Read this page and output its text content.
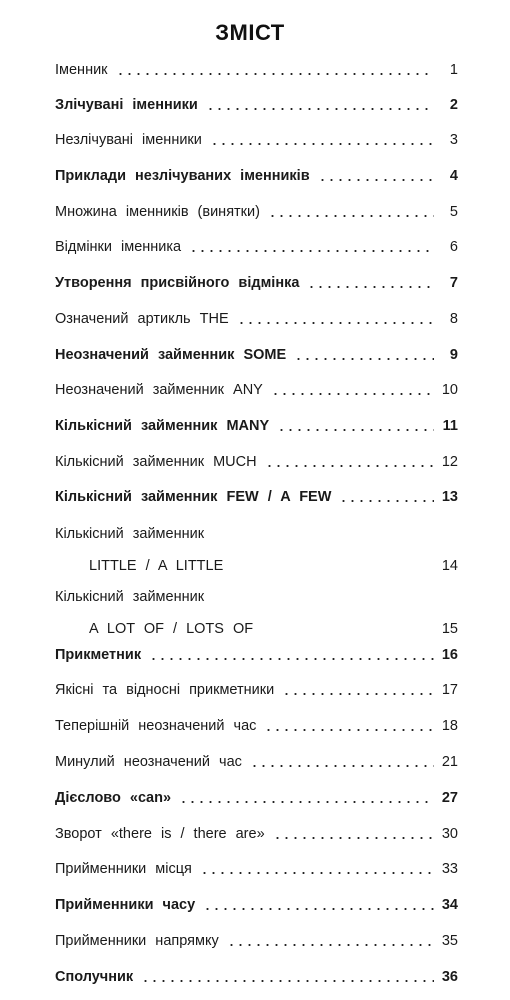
ЗМІСТ
Іменник	1
Злічувані іменники	2
Незлічувані іменники	3
Приклади незлічуваних іменників	4
Множина іменників (винятки)	5
Відмінки іменника	6
Утворення присвійного відмінка	7
Означений артикль THE	8
Неозначений займенник SOME	9
Неозначений займенник ANY	10
Кількісний займенник MANY	11
Кількісний займенник MUCH	12
Кількісний займенник FEW / A FEW	13
Кількісний займенник
LITTLE / A LITTLE	14
Кількісний займенник
A LOT OF / LOTS OF	15
Прикметник	16
Якісні та відносні прикметники	17
Теперішній неозначений час	18
Минулий неозначений час	21
Дієслово «can»	27
Зворот «there is / there are»	30
Прийменники місця	33
Прийменники часу	34
Прийменники напрямку	35
Сполучник	36
